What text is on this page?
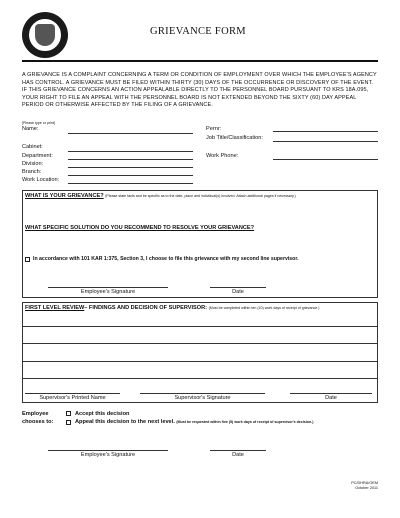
GRIEVANCE FORM
A GRIEVANCE IS A COMPLAINT CONCERNING A TERM OR CONDITION OF EMPLOYMENT OVER WHICH THE EMPLOYEE'S AGENCY HAS CONTROL. A GRIEVANCE MUST BE FILED WITHIN THIRTY (30) DAYS OF THE OCCURRENCE OR DISCOVERY OF THE EVENT. IF THIS GRIEVANCE CONCERNS AN ACTION APPEALABLE DIRECTLY TO THE PERSONNEL BOARD PURSUANT TO KRS 18A.095, YOUR RIGHT TO FILE AN APPEAL WITH THE PERSONNEL BOARD IS NOT EXTENDED BEYOND THE SIXTY (60) DAY APPEAL PERIOD OR OTHERWISE AFFECTED BY THE FILING OF A GRIEVANCE.
[Please type or print]
Name:	Pernr:
Job Title/Classification:
Cabinet:
Department:	Work Phone:
Division:
Branch:
Work Location:
WHAT IS YOUR GRIEVANCE? (Please state facts and be specific as to the date, place and individual(s) involved. Attach additional pages if necessary.)
WHAT SPECIFIC SOLUTION DO YOU RECOMMEND TO RESOLVE YOUR GRIEVANCE?
In accordance with 101 KAR 1:375, Section 3, I choose to file this grievance with my second line supervisor.
Employee's Signature	Date
FIRST LEVEL REVIEW– FINDINGS AND DECISION OF SUPERVISOR: (Must be completed within ten (10) work days of receipt of grievance.)
Supervisor's Printed Name	Supervisor's Signature	Date
Employee
chooses to:
Accept this decision
Appeal this decision to the next level. (Must be requested within five (5) work days of receipt of supervisor's decision.)
Employee's Signature	Date
PC/DHRA/OEM
October 2011
